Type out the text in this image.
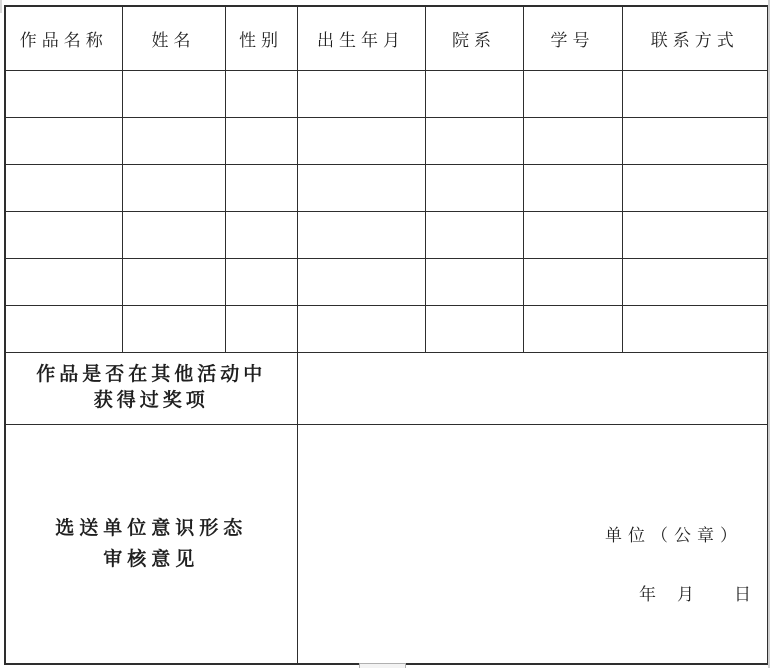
作品名称	姓名	性别	出生年月	院系	学号	联系方式

作品是否在其他活动中
获得过奖项						

选送单位意识形态
审核意见

单位（公章）
年　月　　日
